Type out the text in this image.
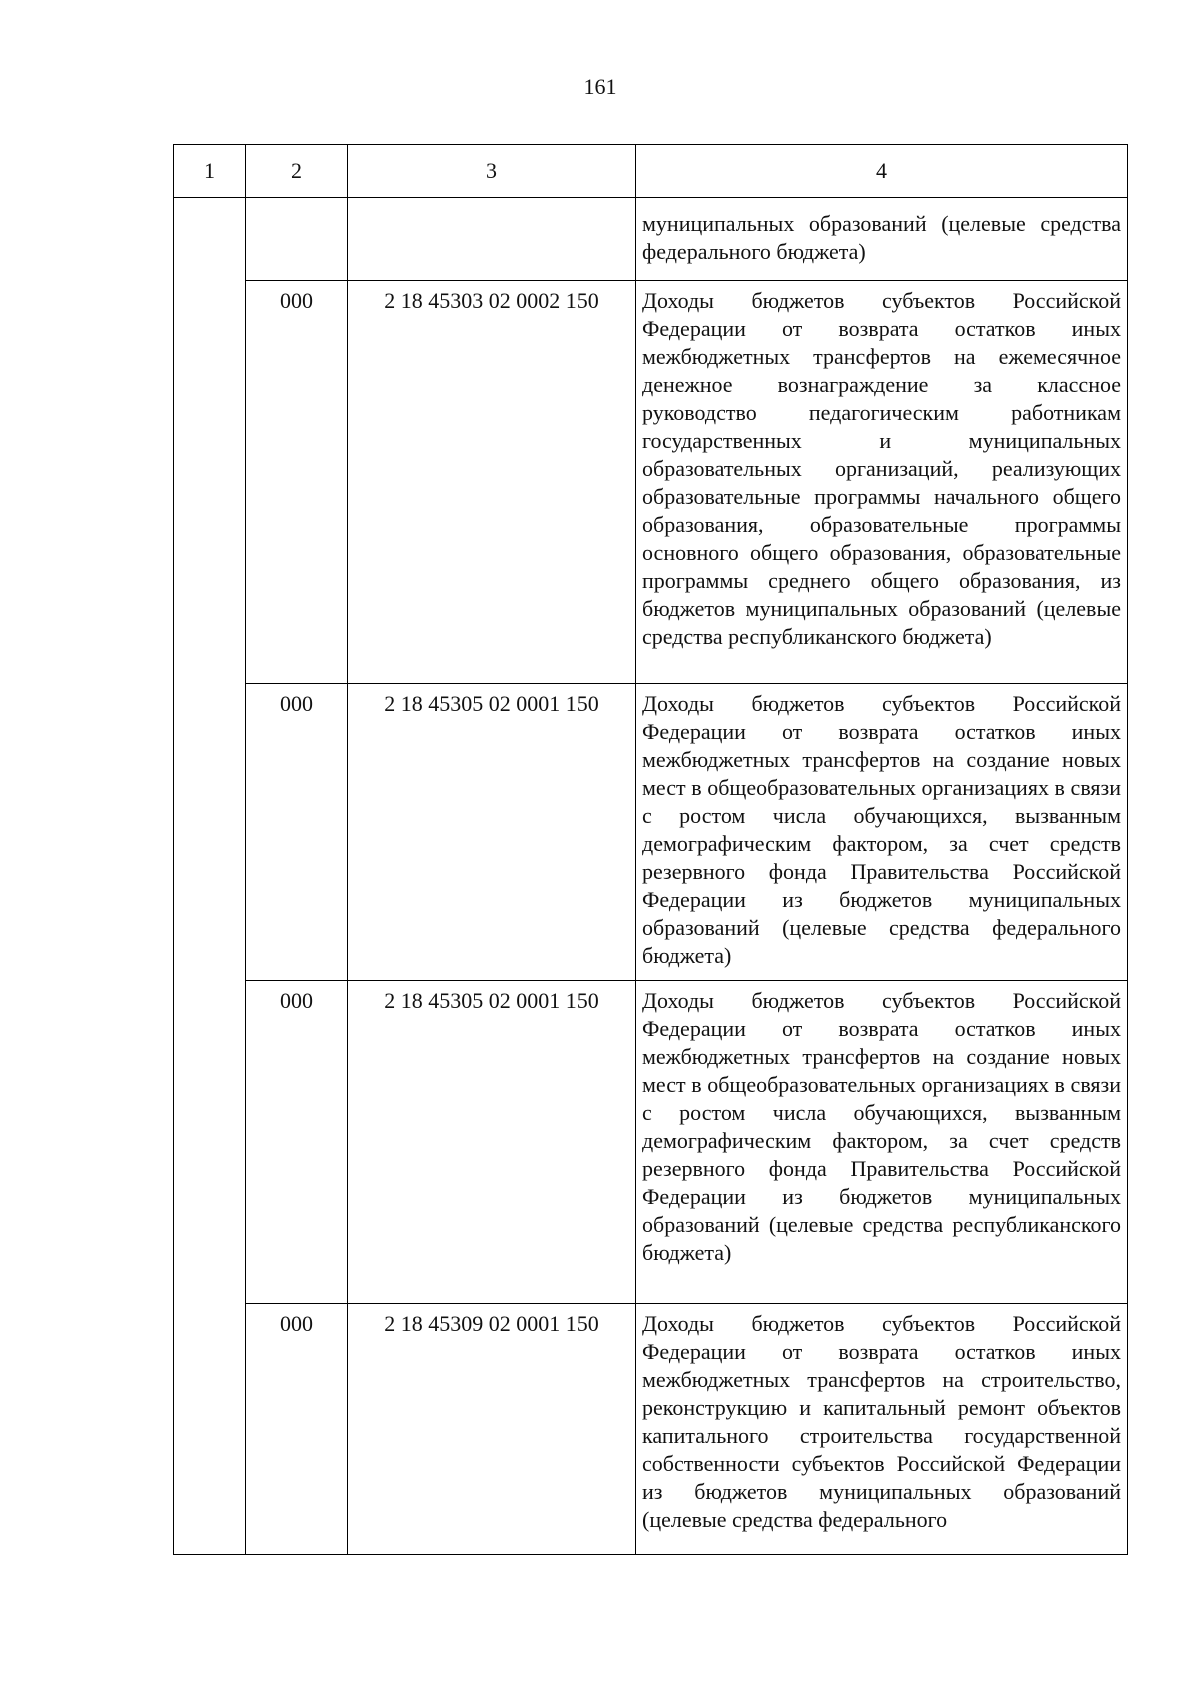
161
1	2	3	4
			муниципальных образований (целевые средства федерального бюджета)
	000	2 18 45303 02 0002 150	Доходы бюджетов субъектов Российской Федерации от возврата остатков иных межбюджетных трансфертов на ежемесячное денежное вознаграждение за классное руководство педагогическим работникам государственных и муниципальных образовательных организаций, реализующих образовательные программы начального общего образования, образовательные программы основного общего образования, образовательные программы среднего общего образования, из бюджетов муниципальных образований (целевые средства республиканского бюджета)
	000	2 18 45305 02 0001 150	Доходы бюджетов субъектов Российской Федерации от возврата остатков иных межбюджетных трансфертов на создание новых мест в общеобразовательных организациях в связи с ростом числа обучающихся, вызванным демографическим фактором, за счет средств резервного фонда Правительства Российской Федерации из бюджетов муниципальных образований (целевые средства федерального бюджета)
	000	2 18 45305 02 0001 150	Доходы бюджетов субъектов Российской Федерации от возврата остатков иных межбюджетных трансфертов на создание новых мест в общеобразовательных организациях в связи с ростом числа обучающихся, вызванным демографическим фактором, за счет средств резервного фонда Правительства Российской Федерации из бюджетов муниципальных образований (целевые средства республиканского бюджета)
	000	2 18 45309 02 0001 150	Доходы бюджетов субъектов Российской Федерации от возврата остатков иных межбюджетных трансфертов на строительство, реконструкцию и капитальный ремонт объектов капитального строительства государственной собственности субъектов Российской Федерации из бюджетов муниципальных образований (целевые средства федерального
